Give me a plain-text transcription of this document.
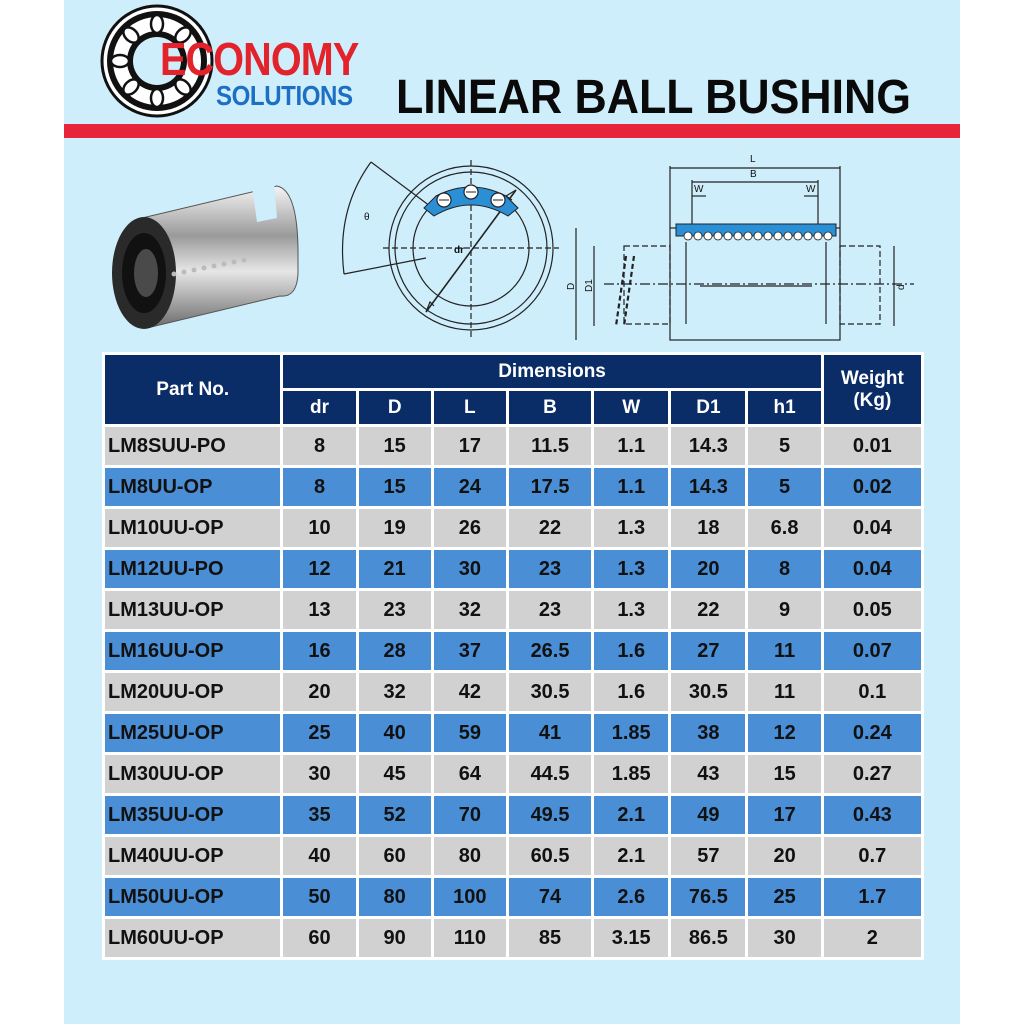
ECONOMY
SOLUTIONS LINEAR BALL BUSHING
dr
θ
L
B
W	W
D D1	d
Part No.	Dimensions							Weight
(Kg)
	dr	D	L	B	W	D1	h1	
LM8SUU-PO	8	15	17	11.5	1.1	14.3	5	0.01
LM8UU-OP	8	15	24	17.5	1.1	14.3	5	0.02
LM10UU-OP	10	19	26	22	1.3	18	6.8	0.04
LM12UU-PO	12	21	30	23	1.3	20	8	0.04
LM13UU-OP	13	23	32	23	1.3	22	9	0.05
LM16UU-OP	16	28	37	26.5	1.6	27	11	0.07
LM20UU-OP	20	32	42	30.5	1.6	30.5	11	0.1
LM25UU-OP	25	40	59	41	1.85	38	12	0.24
LM30UU-OP	30	45	64	44.5	1.85	43	15	0.27
LM35UU-OP	35	52	70	49.5	2.1	49	17	0.43
LM40UU-OP	40	60	80	60.5	2.1	57	20	0.7
LM50UU-OP	50	80	100	74	2.6	76.5	25	1.7
LM60UU-OP	60	90	110	85	3.15	86.5	30	2
